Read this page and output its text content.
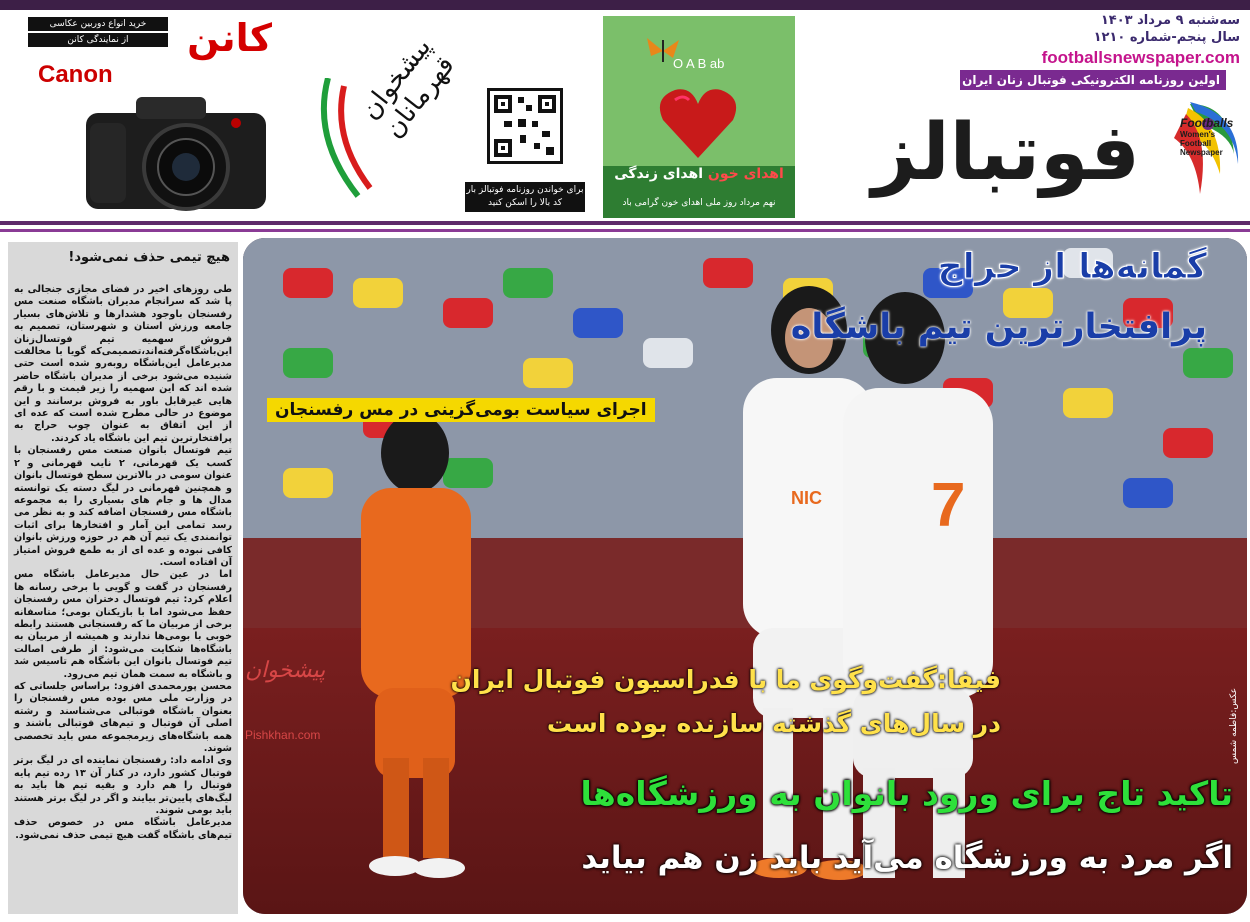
سه‌شنبه ۹ مرداد ۱۴۰۳
سال پنجم-شماره ۱۲۱۰
footballsnewspaper.com
اولین روزنامه الکترونیکی فوتبال زنان ایران
فوتبالز	Footballs
Women's Football Newspaper
O A B ab
اهدای خون اهدای زندگی
نهم مرداد روز ملی اهدای خون گرامی باد
برای خواندن روزنامه فوتبالز بار کد بالا را اسکن کنید
پیشخوان قهرمانان
کانن
خرید انواع دوربین عکاسی
از نمایندگی کانن
Canon
هیچ تیمی حذف نمی‌شود!

طی روزهای اخیر در فضای مجازی جنجالی به پا شد که سرانجام مدیران باشگاه صنعت مس رفسنجان باوجود هشدارها و تلاش‌های بسیار جامعه ورزش استان و شهرستان، تصمیم به فروش سهمیه تیم فوتسال‌زنان این‌باشگاه‌گرفته‌اند،تصمیمی‌که گویا با مخالفت مدیرعامل این‌باشگاه روبه‌رو شده است حتی شنیده می‌شود برخی از مدیران باشگاه حاضر شده اند که این سهمیه را زیر قیمت و با رقم هایی غیرقابل باور به فروش برسانند و این موضوع در حالی مطرح شده است که عده ای از این اتفاق به عنوان چوب حراج به پرافتخارترین تیم این باشگاه یاد کردند.

تیم فوتسال بانوان صنعت مس رفسنجان با کسب یک قهرمانی، ۲ نایب قهرمانی و ۲ عنوان سومی در بالاترین سطح فوتسال بانوان و همچنین قهرمانی در لیگ دسته یک توانسته مدال ها و جام های بسیاری را به مجموعه باشگاه مس رفسنجان اضافه کند و به نظر می رسد تمامی این آمار و افتخارها برای اثبات توانمندی یک تیم آن هم در حوزه ورزش بانوان کافی نبوده و عده ای از به طمع فروش امتیاز آن افتاده است.

اما در عین حال مدیرعامل باشگاه مس رفسنجان در گفت و گویی با برخی رسانه ها اعلام کرد: تیم فوتسال دختران مس رفسنجان حفظ می‌شود اما با بازیکنان بومی؛ متاسفانه برخی از مربیان ما که رفسنجانی هستند رابطه خوبی با بومی‌ها ندارند و همیشه از مربیان به باشگاه‌ها شکایت می‌شود: از طرفی اصالت تیم فوتسال بانوان این باشگاه هم تاسیس شد و باشگاه به سمت همان تیم می‌رود.

محسن پورمحمدی افزود: براساس جلساتی که در وزارت ملی مس بوده مس رفسنجان را بعنوان باشگاه فوتبالی می‌شناسند و رشته اصلی آن فوتبال و تیم‌های فوتبالی باشند و همه باشگاه‌های زیرمجموعه مس باید تخصصی شوند.

وی ادامه داد: رفسنجان نماینده ای در لیگ برتر فوتبال کشور دارد، در کنار آن ۱۳ رده تیم پایه فوتبال را هم دارد و بقیه تیم ها باید به لیگ‌های پایین‌تر بیایند و اگر در لیگ برتر هستند باید بومی شوند.

مدیرعامل باشگاه مس در خصوص حذف تیم‌های باشگاه گفت هیچ تیمی حذف نمی‌شود.

7
NIC
گمانه‌ها از حراج
پرافتخارترین تیم باشگاه
اجرای سیاست بومی‌گزینی در مس رفسنجان
فیفا:گفت‌وگوی ما با فدراسیون فوتبال ایران
در سال‌های گذشته سازنده بوده است
تاکید تاج برای ورود بانوان به ورزشگاه‌ها
اگر مرد به ورزشگاه می‌آید باید زن هم بیاید
عکس:فاطمه شمس
پیشخوان
Pishkhan.com
